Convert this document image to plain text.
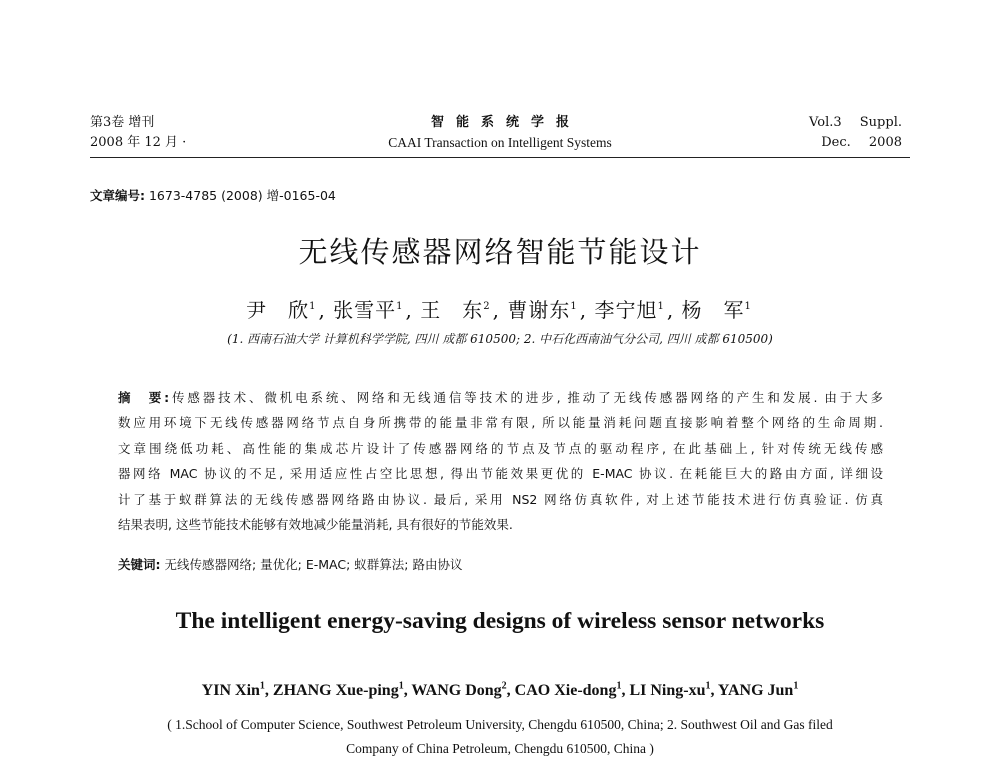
第3卷 增刊
2008 年 12 月 ·
智能系统学报
CAAI Transaction on Intelligent Systems
Vol.3 Suppl.
Dec. 2008
文章编号: 1673-4785 (2008) 增-0165-04
无线传感器网络智能节能设计
尹　欣$^1$ , 张雪平$^1$ , 王　东$^2$ , 曹谢东$^1$ , 李宁旭$^1$ , 杨　军$^1$
(1. 西南石油大学 计算机科学学院, 四川 成都 610500; 2. 中石化西南油气分公司, 四川 成都 610500)
摘　要:传感器技术、微机电系统、网络和无线通信等技术的进步, 推动了无线传感器网络的产生和发展. 由于大多
数应用环境下无线传感器网络节点自身所携带的能量非常有限, 所以能量消耗问题直接影响着整个网络的生命周期.
文章围绕低功耗、高性能的集成芯片设计了传感器网络的节点及节点的驱动程序, 在此基础上, 针对传统无线传感
器网络 MAC 协议的不足, 采用适应性占空比思想, 得出节能效果更优的 E-MAC 协议. 在耗能巨大的路由方面, 详细设
计了基于蚁群算法的无线传感器网络路由协议. 最后, 采用 NS2 网络仿真软件, 对上述节能技术进行仿真验证. 仿真
结果表明, 这些节能技术能够有效地减少能量消耗, 具有很好的节能效果.
关键词: 无线传感器网络; 量优化; E-MAC; 蚁群算法; 路由协议
The intelligent energy-saving designs of wireless sensor networks
YIN Xin$^1$, ZHANG Xue-ping$^1$, WANG Dong$^2$, CAO Xie-dong$^1$, LI Ning-$xu^1$, YANG Jun$^1$
( 1.School of Computer Science, Southwest Petroleum University, Chengdu 610500, China; 2. Southwest Oil and Gas filed
Company of China Petroleum, Chengdu 610500, China )
